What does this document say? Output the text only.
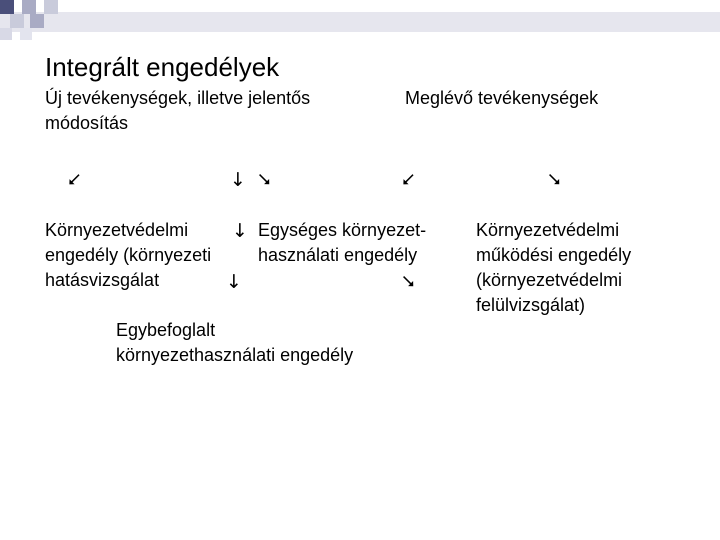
Integrált engedélyek
Új tevékenységek, illetve jelentős
módosítás
Meglévő tevékenységek
⭩	↓ ⭨	⭩	⭨
Környezetvédelmi
engedély (környezeti
hatásvizsgálat
↓
↓	⭨
Egységes környezet-
használati engedély
Környezetvédelmi
működési engedély
(környezetvédelmi
felülvizsgálat)
Egybefoglalt
környezethasználati engedély
